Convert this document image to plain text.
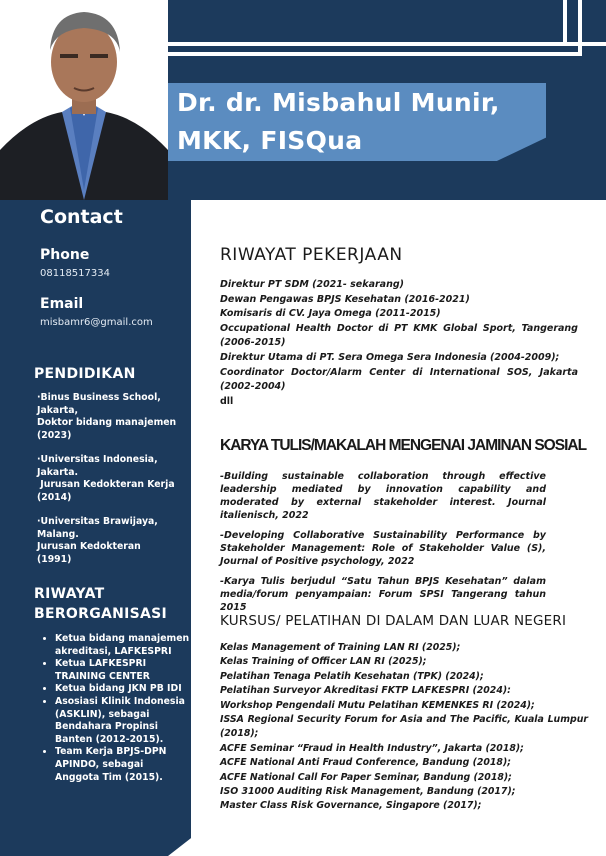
Dr. dr. Misbahul Munir,
MKK, FISQua
Contact
Phone
08118517334
Email
misbamr6@gmail.com
PENDIDIKAN
·Binus Business School,
Jakarta,
Doktor bidang manajemen
(2023)
·Universitas Indonesia,
Jakarta.
Jurusan Kedokteran Kerja
(2014)
·Universitas Brawijaya,
Malang.
Jurusan Kedokteran (1991)
RIWAYAT
BERORGANISASI
• Ketua bidang manajemen akreditasi, LAFKESPRI
• Ketua LAFKESPRI TRAINING CENTER
• Ketua bidang JKN PB IDI
• Asosiasi Klinik Indonesia (ASKLIN), sebagai Bendahara Propinsi Banten (2012-2015).
• Team Kerja BPJS-DPN APINDO, sebagai Anggota Tim (2015).
RIWAYAT PEKERJAAN
Direktur PT SDM (2021- sekarang)
Dewan Pengawas BPJS Kesehatan (2016-2021)
Komisaris di CV. Jaya Omega (2011-2015)
Occupational Health Doctor di PT KMK Global Sport, Tangerang (2006-2015)
Direktur Utama di PT. Sera Omega Sera Indonesia (2004-2009);
Coordinator Doctor/Alarm Center di International SOS, Jakarta (2002-2004)
dll
KARYA TULIS/MAKALAH MENGENAI JAMINAN SOSIAL
-Building sustainable collaboration through effective leadership mediated by innovation capability and moderated by external stakeholder interest. Journal italienisch, 2022
-Developing Collaborative Sustainability Performance by Stakeholder Management: Role of Stakeholder Value (S), Journal of Positive psychology, 2022
-Karya Tulis berjudul “Satu Tahun BPJS Kesehatan” dalam media/forum penyampaian: Forum SPSI Tangerang tahun 2015
KURSUS/ PELATIHAN DI DALAM DAN LUAR NEGERI
Kelas Management of Training LAN RI (2025);
Kelas Training of Officer LAN RI (2025);
Pelatihan Tenaga Pelatih Kesehatan (TPK) (2024);
Pelatihan Surveyor Akreditasi FKTP LAFKESPRI (2024):
Workshop Pengendali Mutu Pelatihan KEMENKES RI (2024);
ISSA Regional Security Forum for Asia and The Pacific, Kuala Lumpur (2018);
ACFE Seminar “Fraud in Health Industry”, Jakarta (2018);
ACFE National Anti Fraud Conference, Bandung (2018);
ACFE National Call For Paper Seminar, Bandung (2018);
ISO 31000 Auditing Risk Management, Bandung (2017);
Master Class Risk Governance, Singapore (2017);
